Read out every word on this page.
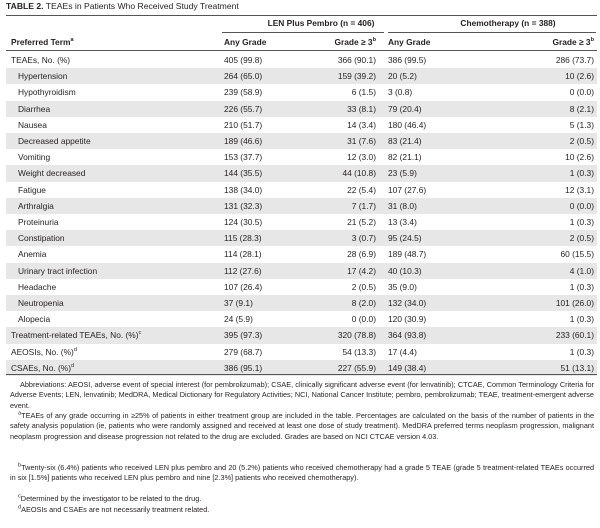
TABLE 2. TEAEs in Patients Who Received Study Treatment
LEN Plus Pembro (n = 406)	Chemotherapy (n = 388)
Preferred Term$^a$	Any Grade	Grade ≥ $3^b$ Any Grade	Grade ≥ $3^b$
TEAEs, No. (%)	405 (99.8)	366 (90.1) 386 (99.5)	286 (73.7)
Hypertension	264 (65.0)	159 (39.2) 20 (5.2)	10 (2.6)
Hypothyroidism	239 (58.9)	6 (1.5) 3 (0.8)	0 (0.0)
Diarrhea	226 (55.7)	33 (8.1) 79 (20.4)	8 (2.1)
Nausea	210 (51.7)	14 (3.4) 180 (46.4)	5 (1.3)
Decreased appetite	189 (46.6)	31 (7.6) 83 (21.4)	2 (0.5)
Vomiting	153 (37.7)	12 (3.0) 82 (21.1)	10 (2.6)
Weight decreased	144 (35.5)	44 (10.8) 23 (5.9)	1 (0.3)
Fatigue	138 (34.0)	22 (5.4) 107 (27.6)	12 (3.1)
Arthralgia	131 (32.3)	7 (1.7) 31 (8.0)	0 (0.0)
Proteinuria	124 (30.5)	21 (5.2) 13 (3.4)	1 (0.3)
Constipation	115 (28.3)	3 (0.7) 95 (24.5)	2 (0.5)
Anemia	114 (28.1)	28 (6.9) 189 (48.7)	60 (15.5)
Urinary tract infection	112 (27.6)	17 (4.2) 40 (10.3)	4 (1.0)
Headache	107 (26.4)	2 (0.5) 35 (9.0)	1 (0.3)
Neutropenia	37 (9.1)	8 (2.0) 132 (34.0)	101 (26.0)
Alopecia	24 (5.9)	0 (0.0) 120 (30.9)	1 (0.3)
Treatment-related TEAEs, No. (%)$^c$	395 (97.3)	320 (78.8) 364 (93.8)	233 (60.1)
AEOSIs, No. (%)$^d$	279 (68.7)	54 (13.3) 17 (4.4)	1 (0.3)
CSAEs, No. (%)$^d$	386 (95.1)	227 (55.9) 149 (38.4)	51 (13.1)
Abbreviations: AEOSI, adverse event of special interest (for pembrolizumab); CSAE, clinically significant adverse event (for lenvatinib); CTCAE, Common Terminology Criteria for Adverse Events; LEN, lenvatinib; MedDRA, Medical Dictionary for Regulatory Activities; NCI, National Cancer Institute; pembro, pembrolizumab; TEAE, treatment-emergent adverse event.
$^a$TEAEs of any grade occurring in ≥25% of patients in either treatment group are included in the table. Percentages are calculated on the basis of the number of patients in the safety analysis population (ie, patients who were randomly assigned and received at least one dose of study treatment). MedDRA preferred terms neoplasm progression, malignant neoplasm progression and disease progression not related to the drug are excluded. Grades are based on NCI CTCAE version 4.03.
$^b$Twenty-six (6.4%) patients who received LEN plus pembro and 20 (5.2%) patients who received chemotherapy had a grade 5 TEAE (grade 5 treatment-related TEAEs occurred in six [1.5%] patients who received LEN plus pembro and nine [2.3%] patients who received chemotherapy).
$^c$Determined by the investigator to be related to the drug.
$^d$AEOSIs and CSAEs are not necessarily treatment related.
